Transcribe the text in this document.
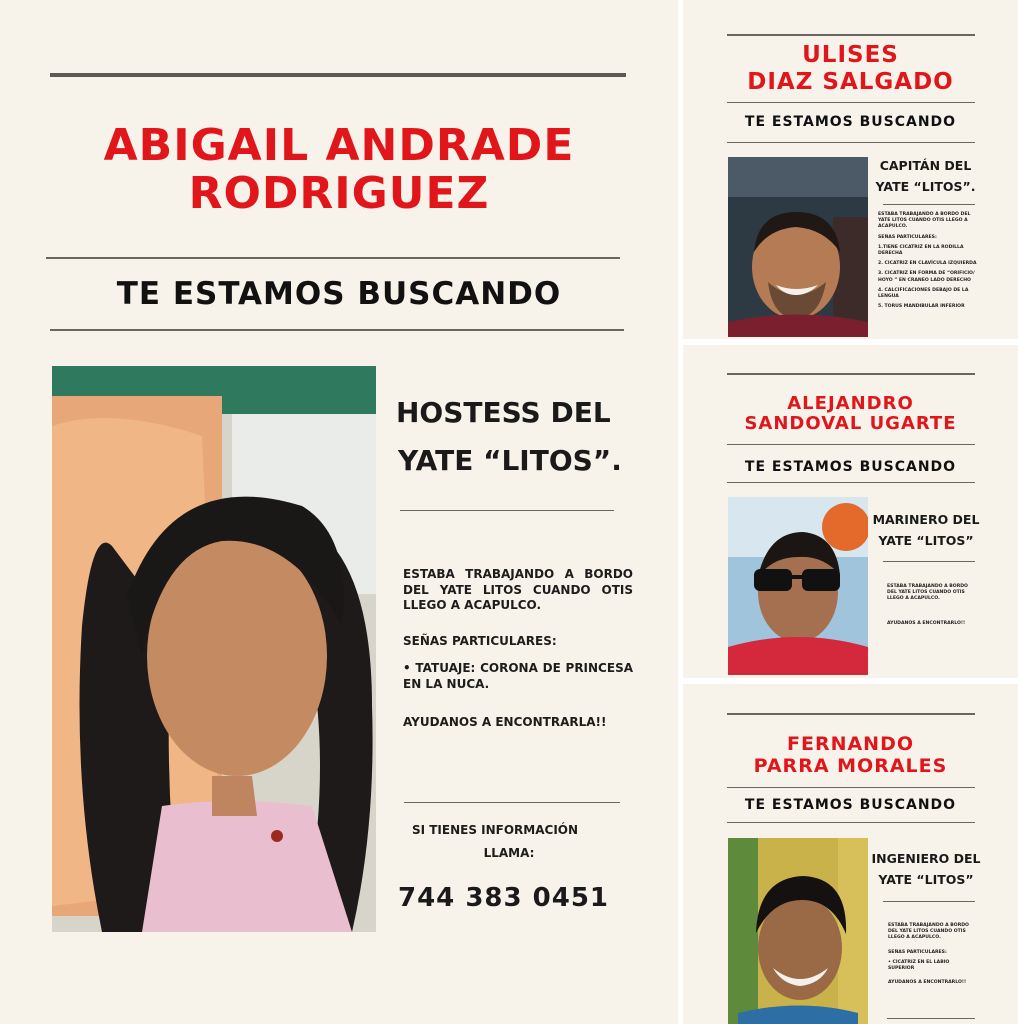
ABIGAIL ANDRADE
RODRIGUEZ
TE ESTAMOS BUSCANDO
HOSTESS DEL
YATE “LITOS”.
ESTABA TRABAJANDO A BORDO DEL YATE LITOS CUANDO OTIS LLEGO A ACAPULCO.
SEÑAS PARTICULARES:
• TATUAJE: CORONA DE PRINCESA EN LA NUCA.
AYUDANOS A ENCONTRARLA!!
SI TIENES INFORMACIÓN
LLAMA:
744 383 0451
ULISES
DIAZ SALGADO
TE ESTAMOS BUSCANDO
CAPITÁN DEL
YATE “LITOS”.

ESTABA TRABAJANDO A BORDO DEL YATE LITOS CUANDO OTIS LLEGO A ACAPULCO.

SEÑAS PARTICULARES:

1.TIENE CICATRIZ EN LA RODILLA DERECHA

2. CICATRIZ EN CLAVÍCULA IZQUIERDA

3. CICATRIZ EN FORMA DE “ORIFICIO/ HOYO ” EN CRANEO LADO DERECHO

4. CALCIFICACIONES DEBAJO DE LA LENGUA

5. TORUS MANDIBULAR INFERIOR

ALEJANDRO
SANDOVAL UGARTE
TE ESTAMOS BUSCANDO
MARINERO DEL
YATE “LITOS”

ESTABA TRABAJANDO A BORDO DEL YATE LITOS CUANDO OTIS LLEGO A ACAPULCO.

AYUDANOS A ENCONTRARLO!!

FERNANDO
PARRA MORALES
TE ESTAMOS BUSCANDO
INGENIERO DEL
YATE “LITOS”

ESTABA TRABAJANDO A BORDO DEL YATE LITOS CUANDO OTIS LLEGO A ACAPULCO.

SEÑAS PARTICULARES:

• CICATRIZ EN EL LABIO SUPERIOR

AYUDANOS A ENCONTRARLO!!
